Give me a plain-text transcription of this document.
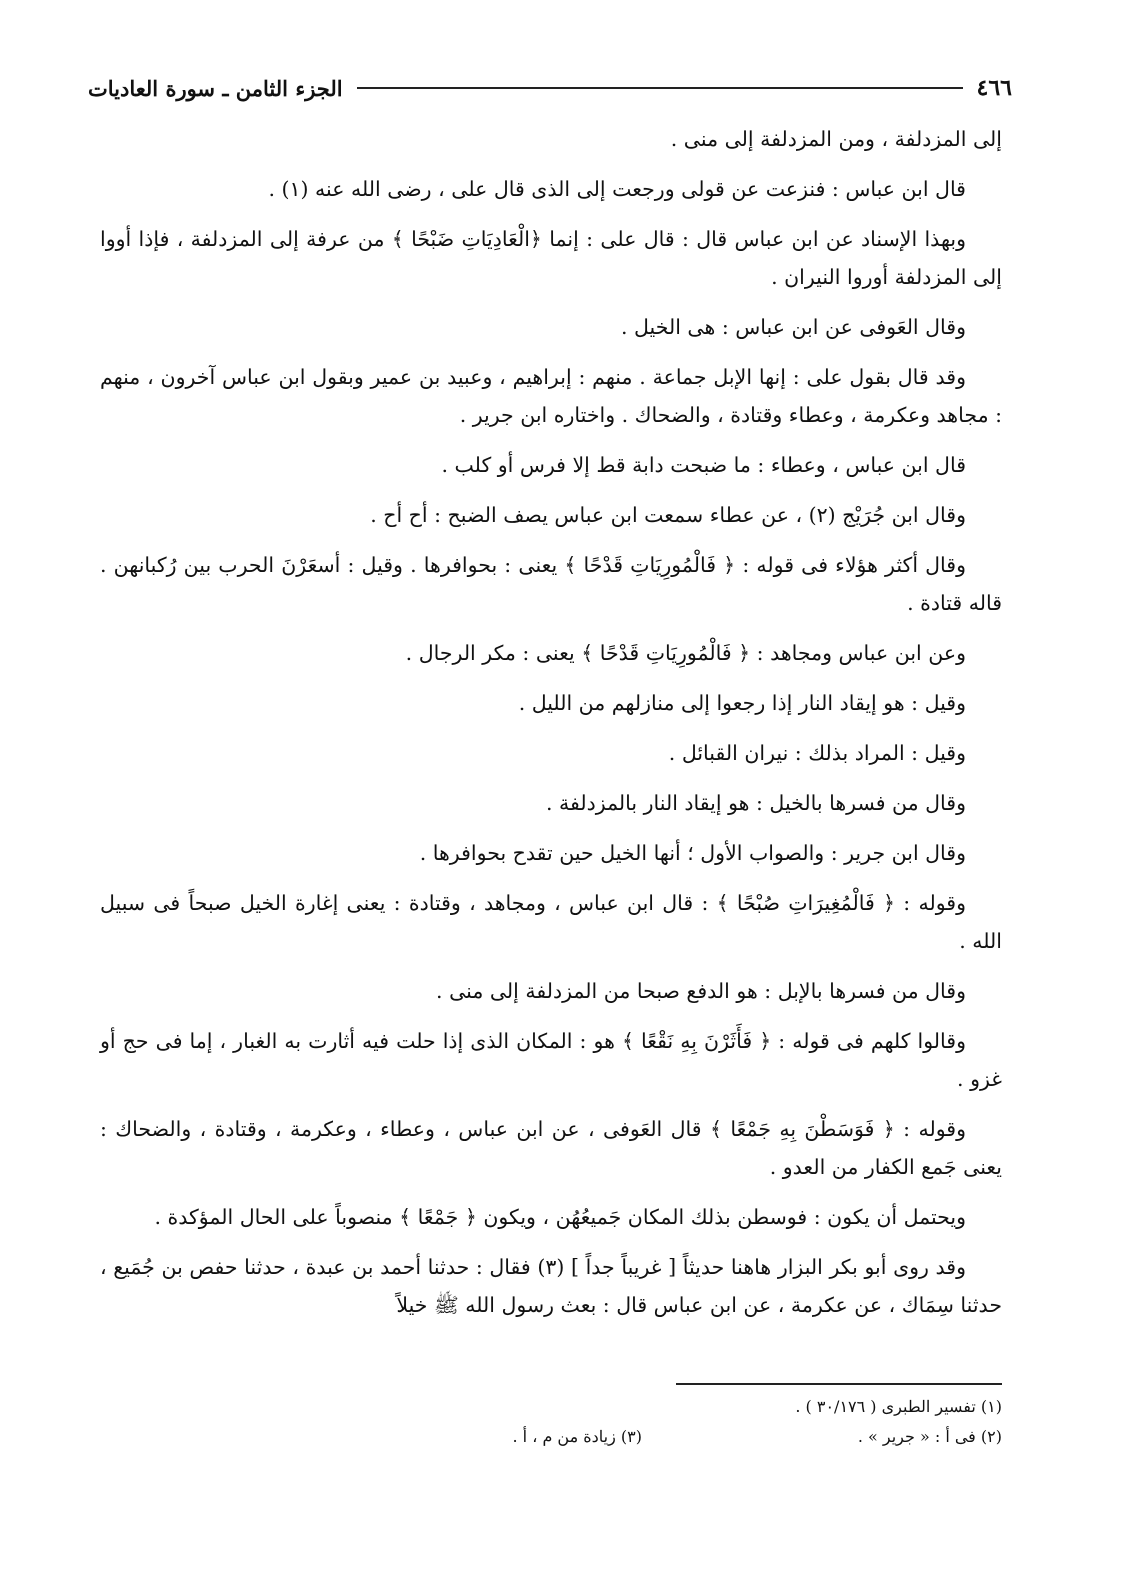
٤٦٦
الجزء الثامن ـ سورة العاديات

إلى المزدلفة ، ومن المزدلفة إلى منى .

قال ابن عباس : فنزعت عن قولى ورجعت إلى الذى قال على ، رضى الله عنه (١) .

وبهذا الإسناد عن ابن عباس قال : قال على : إنما ﴿الْعَادِيَاتِ ضَبْحًا ﴾ من عرفة إلى المزدلفة ، فإذا أووا إلى المزدلفة أوروا النيران .

وقال العَوفى عن ابن عباس : هى الخيل .

وقد قال بقول على : إنها الإبل جماعة . منهم : إبراهيم ، وعبيد بن عمير وبقول ابن عباس آخرون ، منهم : مجاهد وعكرمة ، وعطاء وقتادة ، والضحاك . واختاره ابن جرير .

قال ابن عباس ، وعطاء : ما ضبحت دابة قط إلا فرس أو كلب .

وقال ابن جُرَيْج (٢) ، عن عطاء سمعت ابن عباس يصف الضبح : أح أح .

وقال أكثر هؤلاء فى قوله : ﴿ فَالْمُورِيَاتِ قَدْحًا ﴾ يعنى : بحوافرها . وقيل : أسعَرْنَ الحرب بين رُكبانهن . قاله قتادة .

وعن ابن عباس ومجاهد : ﴿ فَالْمُورِيَاتِ قَدْحًا ﴾ يعنى : مكر الرجال .

وقيل : هو إيقاد النار إذا رجعوا إلى منازلهم من الليل .

وقيل : المراد بذلك : نيران القبائل .

وقال من فسرها بالخيل : هو إيقاد النار بالمزدلفة .

وقال ابن جرير : والصواب الأول ؛ أنها الخيل حين تقدح بحوافرها .

وقوله : ﴿ فَالْمُغِيرَاتِ صُبْحًا ﴾ : قال ابن عباس ، ومجاهد ، وقتادة : يعنى إغارة الخيل صبحاً فى سبيل الله .

وقال من فسرها بالإبل : هو الدفع صبحا من المزدلفة إلى منى .

وقالوا كلهم فى قوله : ﴿ فَأَثَرْنَ بِهِ نَقْعًا ﴾ هو : المكان الذى إذا حلت فيه أثارت به الغبار ، إما فى حج أو غزو .

وقوله : ﴿ فَوَسَطْنَ بِهِ جَمْعًا ﴾ قال العَوفى ، عن ابن عباس ، وعطاء ، وعكرمة ، وقتادة ، والضحاك : يعنى جَمع الكفار من العدو .

ويحتمل أن يكون : فوسطن بذلك المكان جَميعُهُن ، ويكون ﴿ جَمْعًا ﴾ منصوباً على الحال المؤكدة .

وقد روى أبو بكر البزار هاهنا حديثاً [ غريباً جداً ] (٣) فقال : حدثنا أحمد بن عبدة ، حدثنا حفص بن جُمَيع ، حدثنا سِمَاك ، عن عكرمة ، عن ابن عباس قال : بعث رسول الله ﷺ خيلاً

(١) تفسير الطبرى ( ٣٠/١٧٦ ) .
(٢) فى أ : « جرير » .
(٣) زيادة من م ، أ .
